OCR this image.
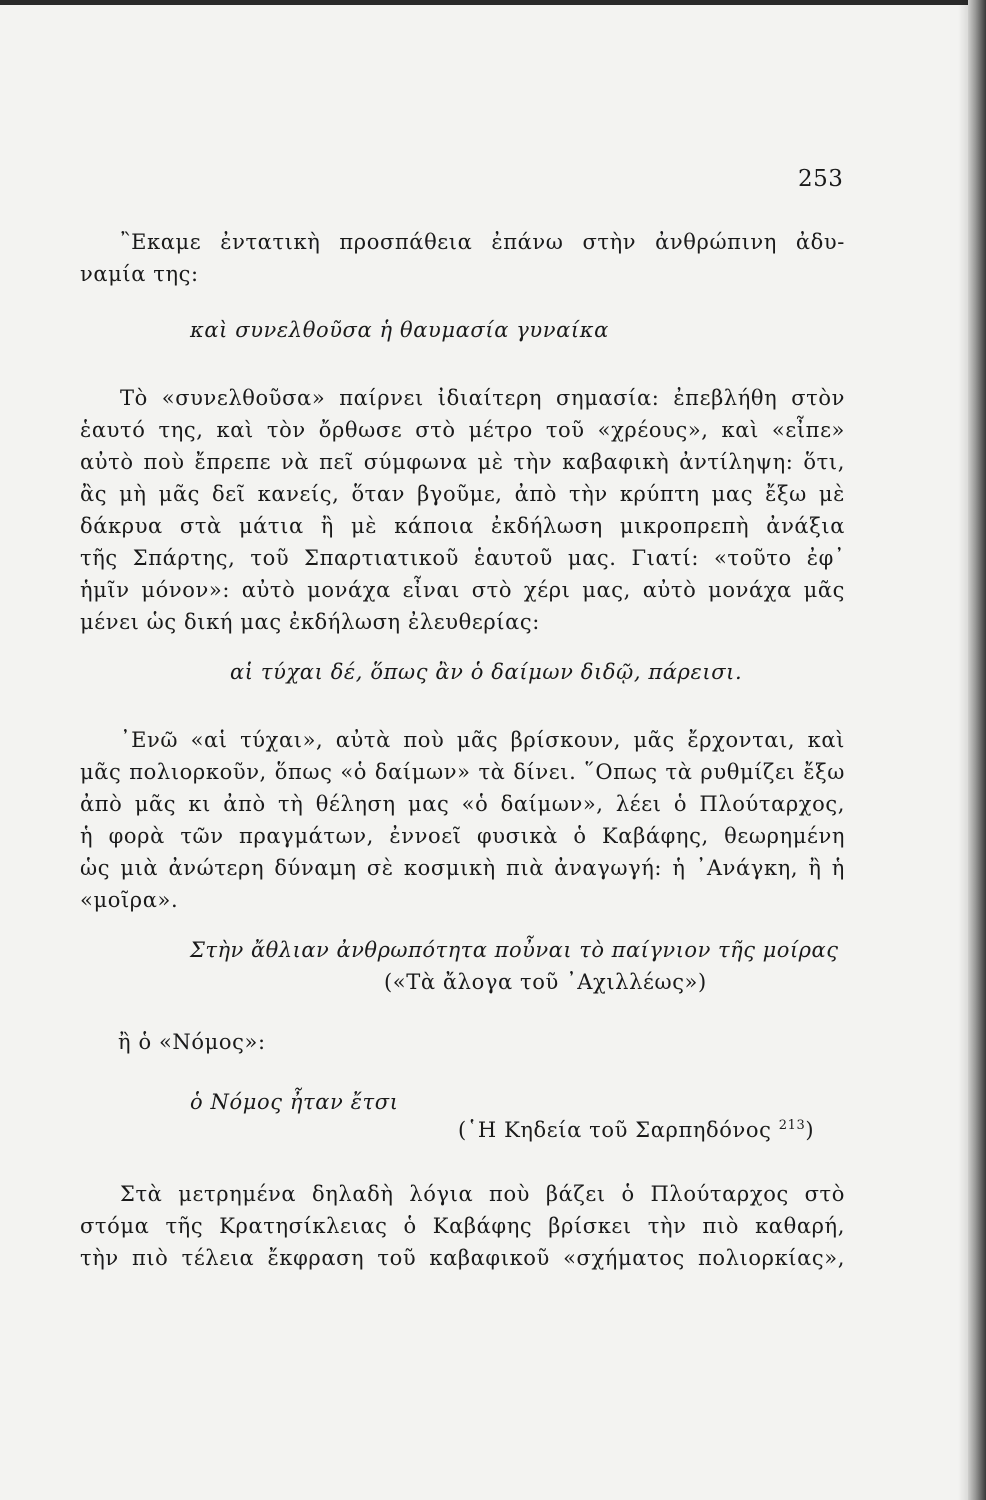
253
῍Εκαμε ἐντατικὴ προσπάθεια ἐπάνω στὴν ἀνθρώπινη ἀδυ-
ναμία της:
καὶ συνελθοῦσα ἡ θαυμασία γυναίκα
Τὸ «συνελθοῦσα» παίρνει ἰδιαίτερη σημασία: ἐπεβλήθη στὸν
ἑαυτό της, καὶ τὸν ὄρθωσε στὸ μέτρο τοῦ «χρέους», καὶ «εἶπε»
αὐτὸ ποὺ ἔπρεπε νὰ πεῖ σύμφωνα μὲ τὴν καβαφικὴ ἀντίληψη: ὅτι,
ἂς μὴ μᾶς δεῖ κανείς, ὅταν βγοῦμε, ἀπὸ τὴν κρύπτη μας ἔξω μὲ
δάκρυα στὰ μάτια ἢ μὲ κάποια ἐκδήλωση μικροπρεπὴ ἀνάξια
τῆς Σπάρτης, τοῦ Σπαρτιατικοῦ ἑαυτοῦ μας. Γιατί: «τοῦτο ἐφ᾽
ἡμῖν μόνον»: αὐτὸ μονάχα εἶναι στὸ χέρι μας, αὐτὸ μονάχα μᾶς
μένει ὡς δική μας ἐκδήλωση ἐλευθερίας:
αἱ τύχαι δέ, ὅπως ἂν ὁ δαίμων διδῷ, πάρεισι.
᾿Ενῶ «αἱ τύχαι», αὐτὰ ποὺ μᾶς βρίσκουν, μᾶς ἔρχονται, καὶ
μᾶς πολιορκοῦν, ὅπως «ὁ δαίμων» τὰ δίνει. ῞Οπως τὰ ρυθμίζει ἔξω
ἀπὸ μᾶς κι ἀπὸ τὴ θέληση μας «ὁ δαίμων», λέει ὁ Πλούταρχος,
ἡ φορὰ τῶν πραγμάτων, ἐννοεῖ φυσικὰ ὁ Καβάφης, θεωρημένη
ὡς μιὰ ἀνώτερη δύναμη σὲ κοσμικὴ πιὰ ἀναγωγή: ἡ ᾿Ανάγκη, ἢ ἡ
«μοῖρα».
Στὴν ἄθλιαν ἀνθρωπότητα ποὖναι τὸ παίγνιον τῆς μοίρας
(«Τὰ ἄλογα τοῦ ᾿Αχιλλέως»)
ἢ ὁ «Νόμος»:
ὁ Νόμος ἦταν ἔτσι
(῾Η Κηδεία τοῦ Σαρπηδόνος $^{213}$)
Στὰ μετρημένα δηλαδὴ λόγια ποὺ βάζει ὁ Πλούταρχος στὸ
στόμα τῆς Κρατησίκλειας ὁ Καβάφης βρίσκει τὴν πιὸ καθαρή,
τὴν πιὸ τέλεια ἔκφραση τοῦ καβαφικοῦ «σχήματος πολιορκίας»,
